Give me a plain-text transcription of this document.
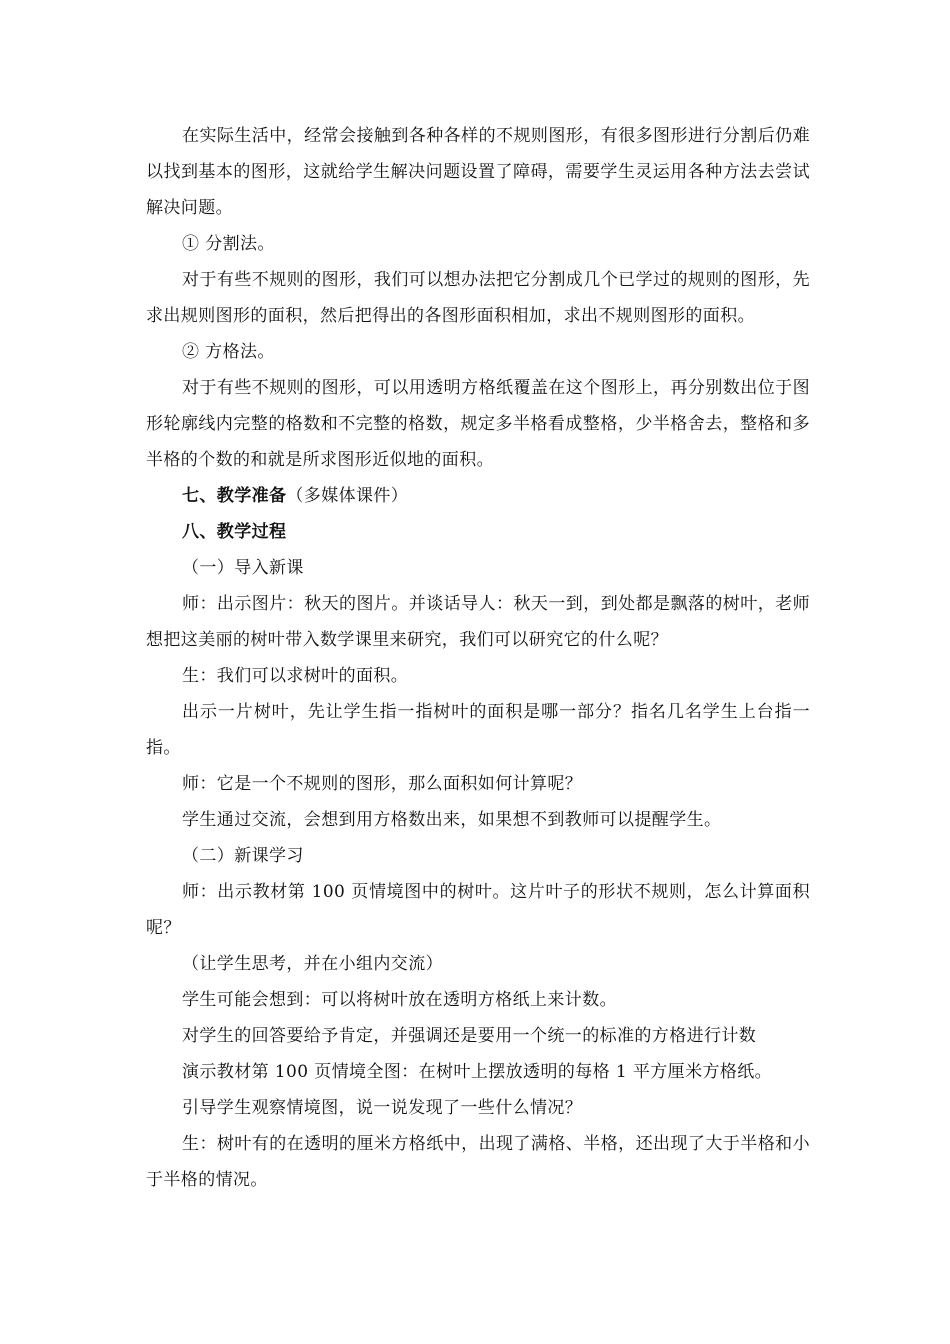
在实际生活中，经常会接触到各种各样的不规则图形，有很多图形进行分割后仍难以找到基本的图形，这就给学生解决问题设置了障碍，需要学生灵运用各种方法去尝试解决问题。

① 分割法。

对于有些不规则的图形，我们可以想办法把它分割成几个已学过的规则的图形，先求出规则图形的面积，然后把得出的各图形面积相加，求出不规则图形的面积。

② 方格法。

对于有些不规则的图形，可以用透明方格纸覆盖在这个图形上，再分别数出位于图形轮廓线内完整的格数和不完整的格数，规定多半格看成整格，少半格舍去，整格和多半格的个数的和就是所求图形近似地的面积。

七、教学准备（多媒体课件）

八、教学过程

（一）导入新课

师：出示图片：秋天的图片。并谈话导人：秋天一到，到处都是飘落的树叶，老师想把这美丽的树叶带入数学课里来研究，我们可以研究它的什么呢？

生：我们可以求树叶的面积。

出示一片树叶，先让学生指一指树叶的面积是哪一部分？指名几名学生上台指一指。

师：它是一个不规则的图形，那么面积如何计算呢？

学生通过交流，会想到用方格数出来，如果想不到教师可以提醒学生。

（二）新课学习

师：出示教材第 100 页情境图中的树叶。这片叶子的形状不规则，怎么计算面积呢？

（让学生思考，并在小组内交流）

学生可能会想到：可以将树叶放在透明方格纸上来计数。

对学生的回答要给予肯定，并强调还是要用一个统一的标准的方格进行计数

演示教材第 100 页情境全图：在树叶上摆放透明的每格 1 平方厘米方格纸。

引导学生观察情境图，说一说发现了一些什么情况？

生：树叶有的在透明的厘米方格纸中，出现了满格、半格，还出现了大于半格和小于半格的情况。
